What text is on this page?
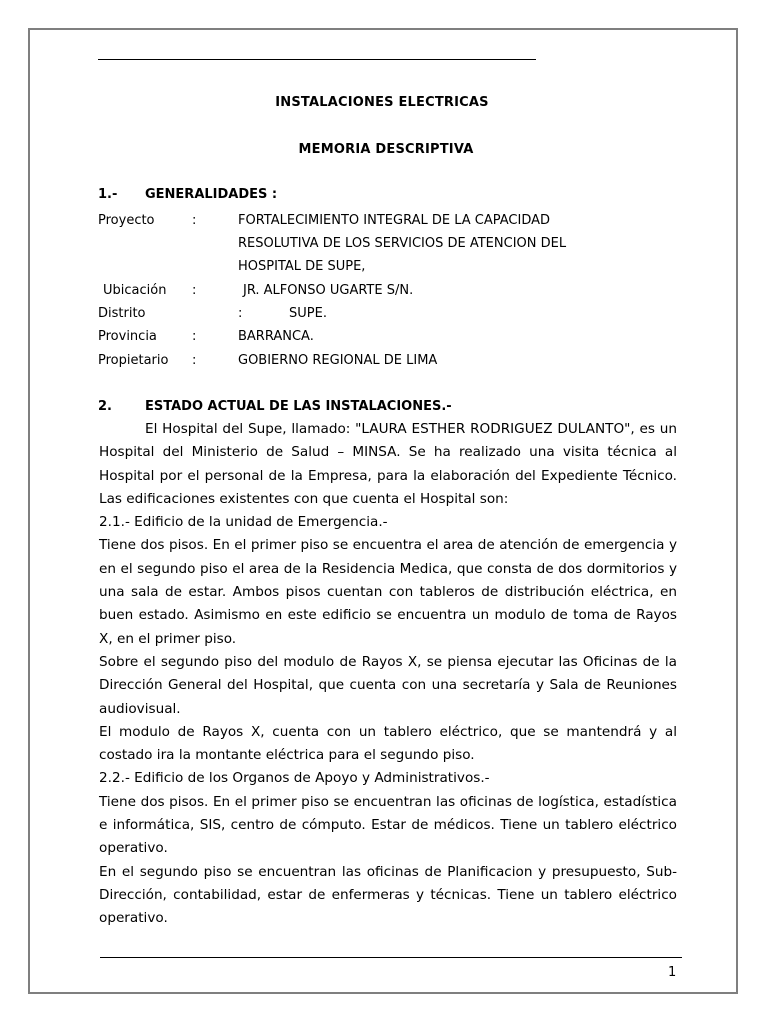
INSTALACIONES ELECTRICAS
MEMORIA DESCRIPTIVA
1.- GENERALIDADES :
Proyecto	:	FORTALECIMIENTO INTEGRAL DE LA CAPACIDAD
RESOLUTIVA DE LOS SERVICIOS DE ATENCION DEL
HOSPITAL DE SUPE,
Ubicación :	JR. ALFONSO UGARTE S/N.
Distrito	:	SUPE.
Provincia	:	BARRANCA.
Propietario :	GOBIERNO REGIONAL DE LIMA
2.	ESTADO ACTUAL DE LAS INSTALACIONES.-

El Hospital del Supe, llamado: "LAURA ESTHER RODRIGUEZ DULANTO", es un Hospital del Ministerio de Salud – MINSA. Se ha realizado una visita técnica al Hospital por el personal de la Empresa, para la elaboración del Expediente Técnico. Las edificaciones existentes con que cuenta el Hospital son:

2.1.- Edificio de la unidad de Emergencia.-

Tiene dos pisos. En el primer piso se encuentra el area de atención de emergencia y en el segundo piso el area de la Residencia Medica, que consta de dos dormitorios y una sala de estar. Ambos pisos cuentan con tableros de distribución eléctrica, en buen estado. Asimismo en este edificio se encuentra un modulo de toma de Rayos X, en el primer piso.

Sobre el segundo piso del modulo de Rayos X, se piensa ejecutar las Oficinas de la Dirección General del Hospital, que cuenta con una secretaría y Sala de Reuniones audiovisual.

El modulo de Rayos X, cuenta con un tablero eléctrico, que se mantendrá y al costado ira la montante eléctrica para el segundo piso.

2.2.- Edificio de los Organos de Apoyo y Administrativos.-

Tiene dos pisos. En el primer piso se encuentran las oficinas de logística, estadística e informática, SIS, centro de cómputo. Estar de médicos. Tiene un tablero eléctrico operativo.

En el segundo piso se encuentran las oficinas de Planificacion y presupuesto, Sub-Dirección, contabilidad, estar de enfermeras y técnicas. Tiene un tablero eléctrico operativo.

1
